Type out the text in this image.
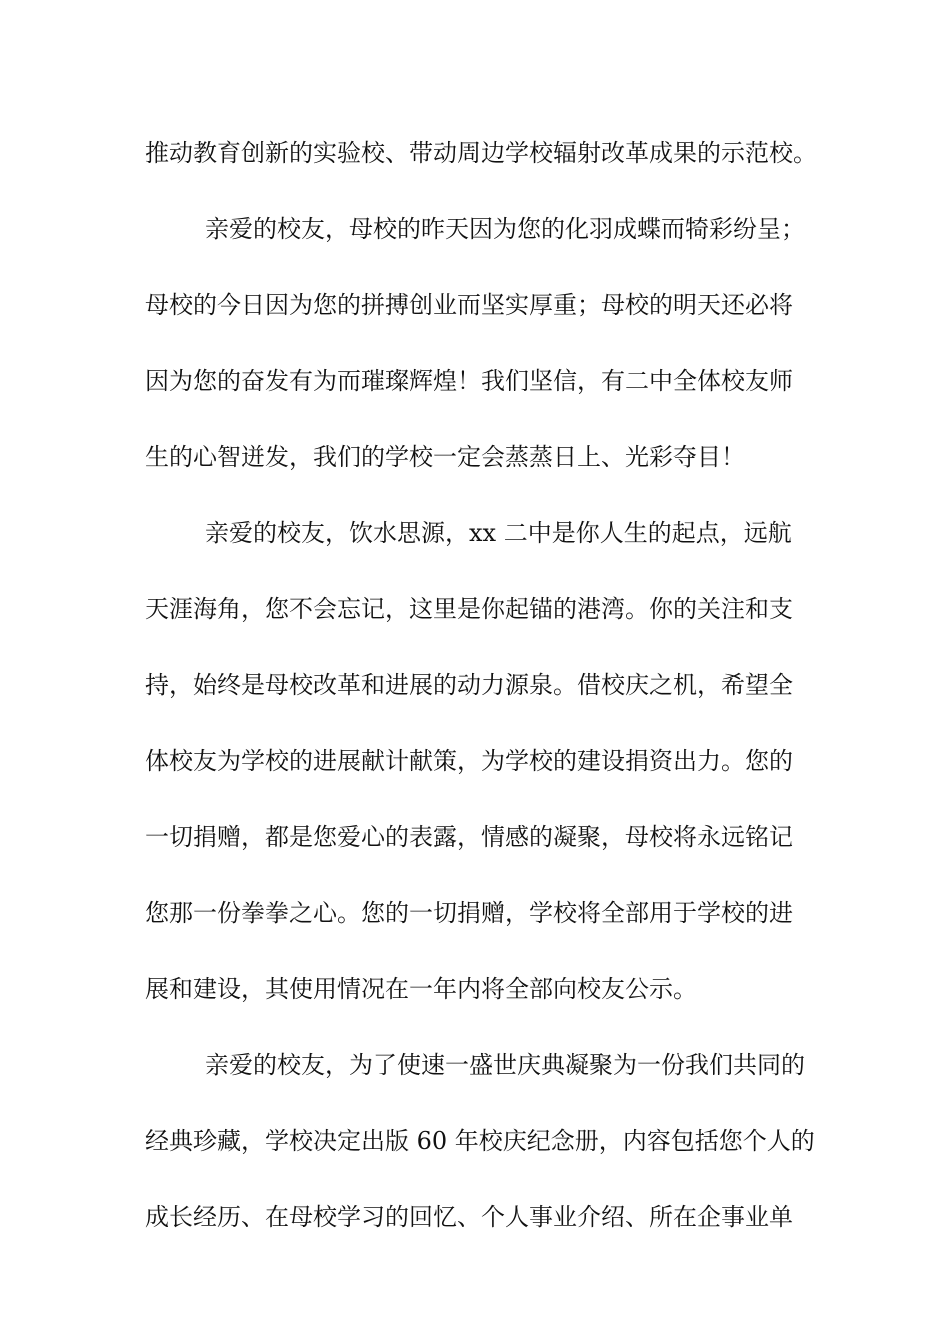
推动教育创新的实验校、带动周边学校辐射改革成果的示范校。
亲爱的校友，母校的昨天因为您的化羽成蝶而犄彩纷呈；
母校的今日因为您的拼搏创业而坚实厚重；母校的明天还必将
因为您的奋发有为而璀璨辉煌！我们坚信，有二中全体校友师
生的心智迸发，我们的学校一定会蒸蒸日上、光彩夺目！
亲爱的校友，饮水思源，xx 二中是你人生的起点，远航
天涯海角，您不会忘记，这里是你起锚的港湾。你的关注和支
持，始终是母校改革和进展的动力源泉。借校庆之机，希望全
体校友为学校的进展献计献策，为学校的建设捐资出力。您的
一切捐赠，都是您爱心的表露，情感的凝聚，母校将永远铭记
您那一份拳拳之心。您的一切捐赠，学校将全部用于学校的进
展和建设，其使用情况在一年内将全部向校友公示。
亲爱的校友，为了使速一盛世庆典凝聚为一份我们共同的
经典珍藏，学校决定出版 60 年校庆纪念册，内容包括您个人的
成长经历、在母校学习的回忆、个人事业介绍、所在企事业单
